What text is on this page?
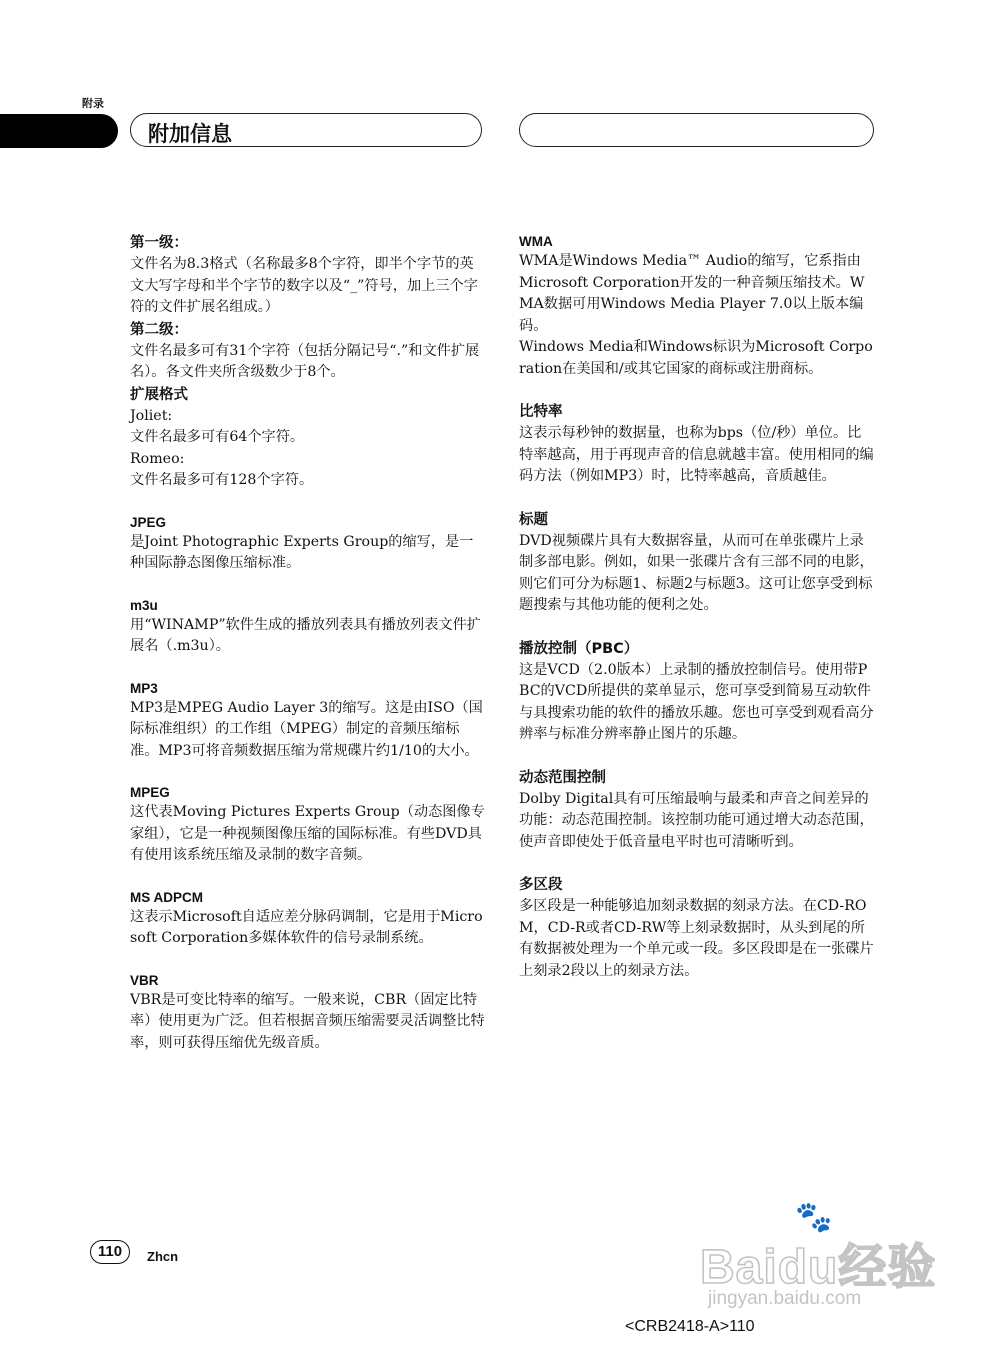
附录
附加信息
第一级：
文件名为8.3格式（名称最多8个字符，即半个字节的英文大写字母和半个字节的数字以及“_”符号，加上三个字符的文件扩展名组成。）
第二级：
文件名最多可有31个字符（包括分隔记号“.”和文件扩展名）。各文件夹所含级数少于8个。
扩展格式
Joliet:
文件名最多可有64个字符。
Romeo:
文件名最多可有128个字符。
JPEG
是Joint Photographic Experts Group的缩写，是一种国际静态图像压缩标准。
m3u
用“WINAMP”软件生成的播放列表具有播放列表文件扩展名（.m3u）。
MP3
MP3是MPEG Audio Layer 3的缩写。这是由ISO（国际标准组织）的工作组（MPEG）制定的音频压缩标准。MP3可将音频数据压缩为常规碟片约1/10的大小。
MPEG
这代表Moving Pictures Experts Group（动态图像专家组），它是一种视频图像压缩的国际标准。有些DVD具有使用该系统压缩及录制的数字音频。
MS ADPCM
这表示Microsoft自适应差分脉码调制，它是用于Microsoft Corporation多媒体软件的信号录制系统。
VBR
VBR是可变比特率的缩写。一般来说，CBR（固定比特率）使用更为广泛。但若根据音频压缩需要灵活调整比特率，则可获得压缩优先级音质。
WMA
WMA是Windows Media™ Audio的缩写，它系指由Microsoft Corporation开发的一种音频压缩技术。WMA数据可用Windows Media Player 7.0以上版本编码。
Windows Media和Windows标识为Microsoft Corporation在美国和/或其它国家的商标或注册商标。
比特率
这表示每秒钟的数据量，也称为bps（位/秒）单位。比特率越高，用于再现声音的信息就越丰富。使用相同的编码方法（例如MP3）时，比特率越高，音质越佳。
标题
DVD视频碟片具有大数据容量，从而可在单张碟片上录制多部电影。例如，如果一张碟片含有三部不同的电影，则它们可分为标题1、标题2与标题3。这可让您享受到标题搜索与其他功能的便利之处。
播放控制（PBC）
这是VCD（2.0版本）上录制的播放控制信号。使用带PBC的VCD所提供的菜单显示，您可享受到简易互动软件与具搜索功能的软件的播放乐趣。您也可享受到观看高分辨率与标准分辨率静止图片的乐趣。
动态范围控制
Dolby Digital具有可压缩最响与最柔和声音之间差异的功能：动态范围控制。该控制功能可通过增大动态范围，使声音即使处于低音量电平时也可清晰听到。
多区段
多区段是一种能够追加刻录数据的刻录方法。在CD-ROM，CD-R或者CD-RW等上刻录数据时，从头到尾的所有数据被处理为一个单元或一段。多区段即是在一张碟片上刻录2段以上的刻录方法。
110	Zhcn
🐾
Baidu经验
jingyan.baidu.com
<CRB2418-A>110
